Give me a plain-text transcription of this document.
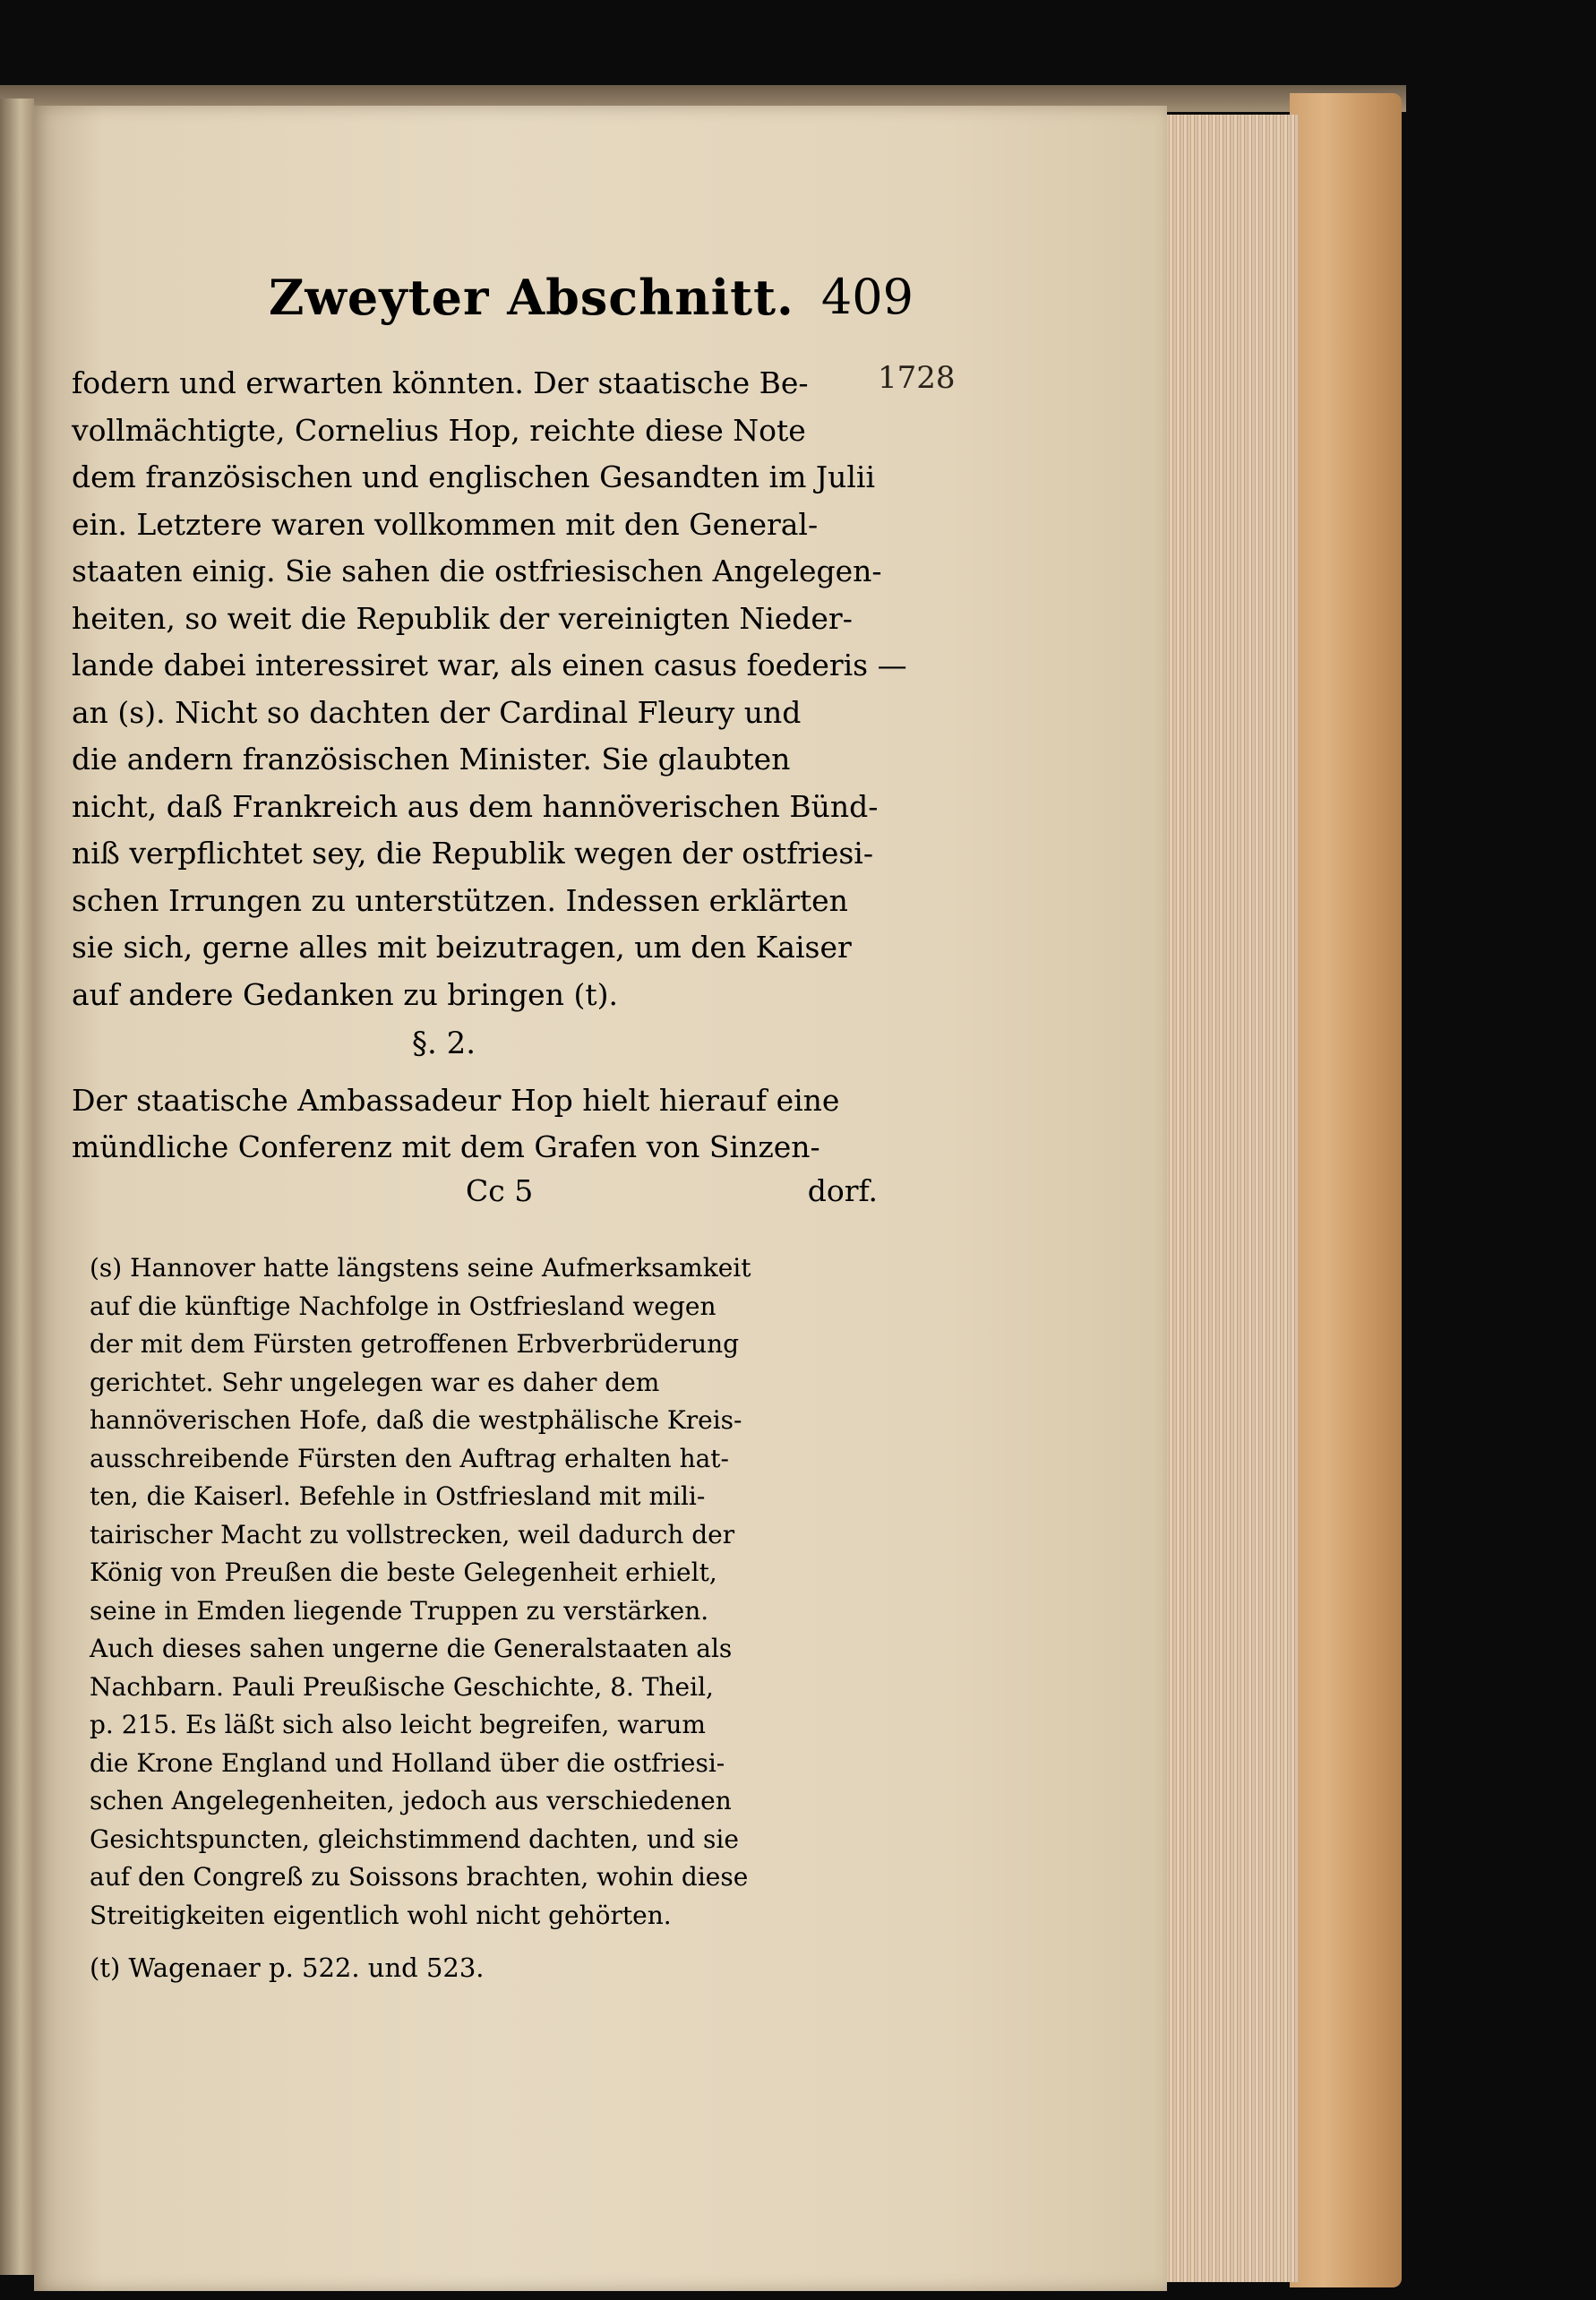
Zweyter Abschnitt. 409
1728
fodern und erwarten könnten. Der staatische Be-
vollmächtigte, Cornelius Hop, reichte diese Note
dem französischen und englischen Gesandten im Julii
ein. Letztere waren vollkommen mit den General-
staaten einig. Sie sahen die ostfriesischen Angelegen-
heiten, so weit die Republik der vereinigten Nieder-
lande dabei interessiret war, als einen casus foederis —
an (s). Nicht so dachten der Cardinal Fleury und
die andern französischen Minister. Sie glaubten
nicht, daß Frankreich aus dem hannöverischen Bünd-
niß verpflichtet sey, die Republik wegen der ostfriesi-
schen Irrungen zu unterstützen. Indessen erklärten
sie sich, gerne alles mit beizutragen, um den Kaiser
auf andere Gedanken zu bringen (t).
§. 2.
Der staatische Ambassadeur Hop hielt hierauf eine
mündliche Conferenz mit dem Grafen von Sinzen-
Cc 5	dorf.
(s) Hannover hatte längstens seine Aufmerksamkeit
auf die künftige Nachfolge in Ostfriesland wegen
der mit dem Fürsten getroffenen Erbverbrüderung
gerichtet. Sehr ungelegen war es daher dem
hannöverischen Hofe, daß die westphälische Kreis-
ausschreibende Fürsten den Auftrag erhalten hat-
ten, die Kaiserl. Befehle in Ostfriesland mit mili-
tairischer Macht zu vollstrecken, weil dadurch der
König von Preußen die beste Gelegenheit erhielt,
seine in Emden liegende Truppen zu verstärken.
Auch dieses sahen ungerne die Generalstaaten als
Nachbarn. Pauli Preußische Geschichte, 8. Theil,
p. 215. Es läßt sich also leicht begreifen, warum
die Krone England und Holland über die ostfriesi-
schen Angelegenheiten, jedoch aus verschiedenen
Gesichtspuncten, gleichstimmend dachten, und sie
auf den Congreß zu Soissons brachten, wohin diese
Streitigkeiten eigentlich wohl nicht gehörten.
(t) Wagenaer p. 522. und 523.
